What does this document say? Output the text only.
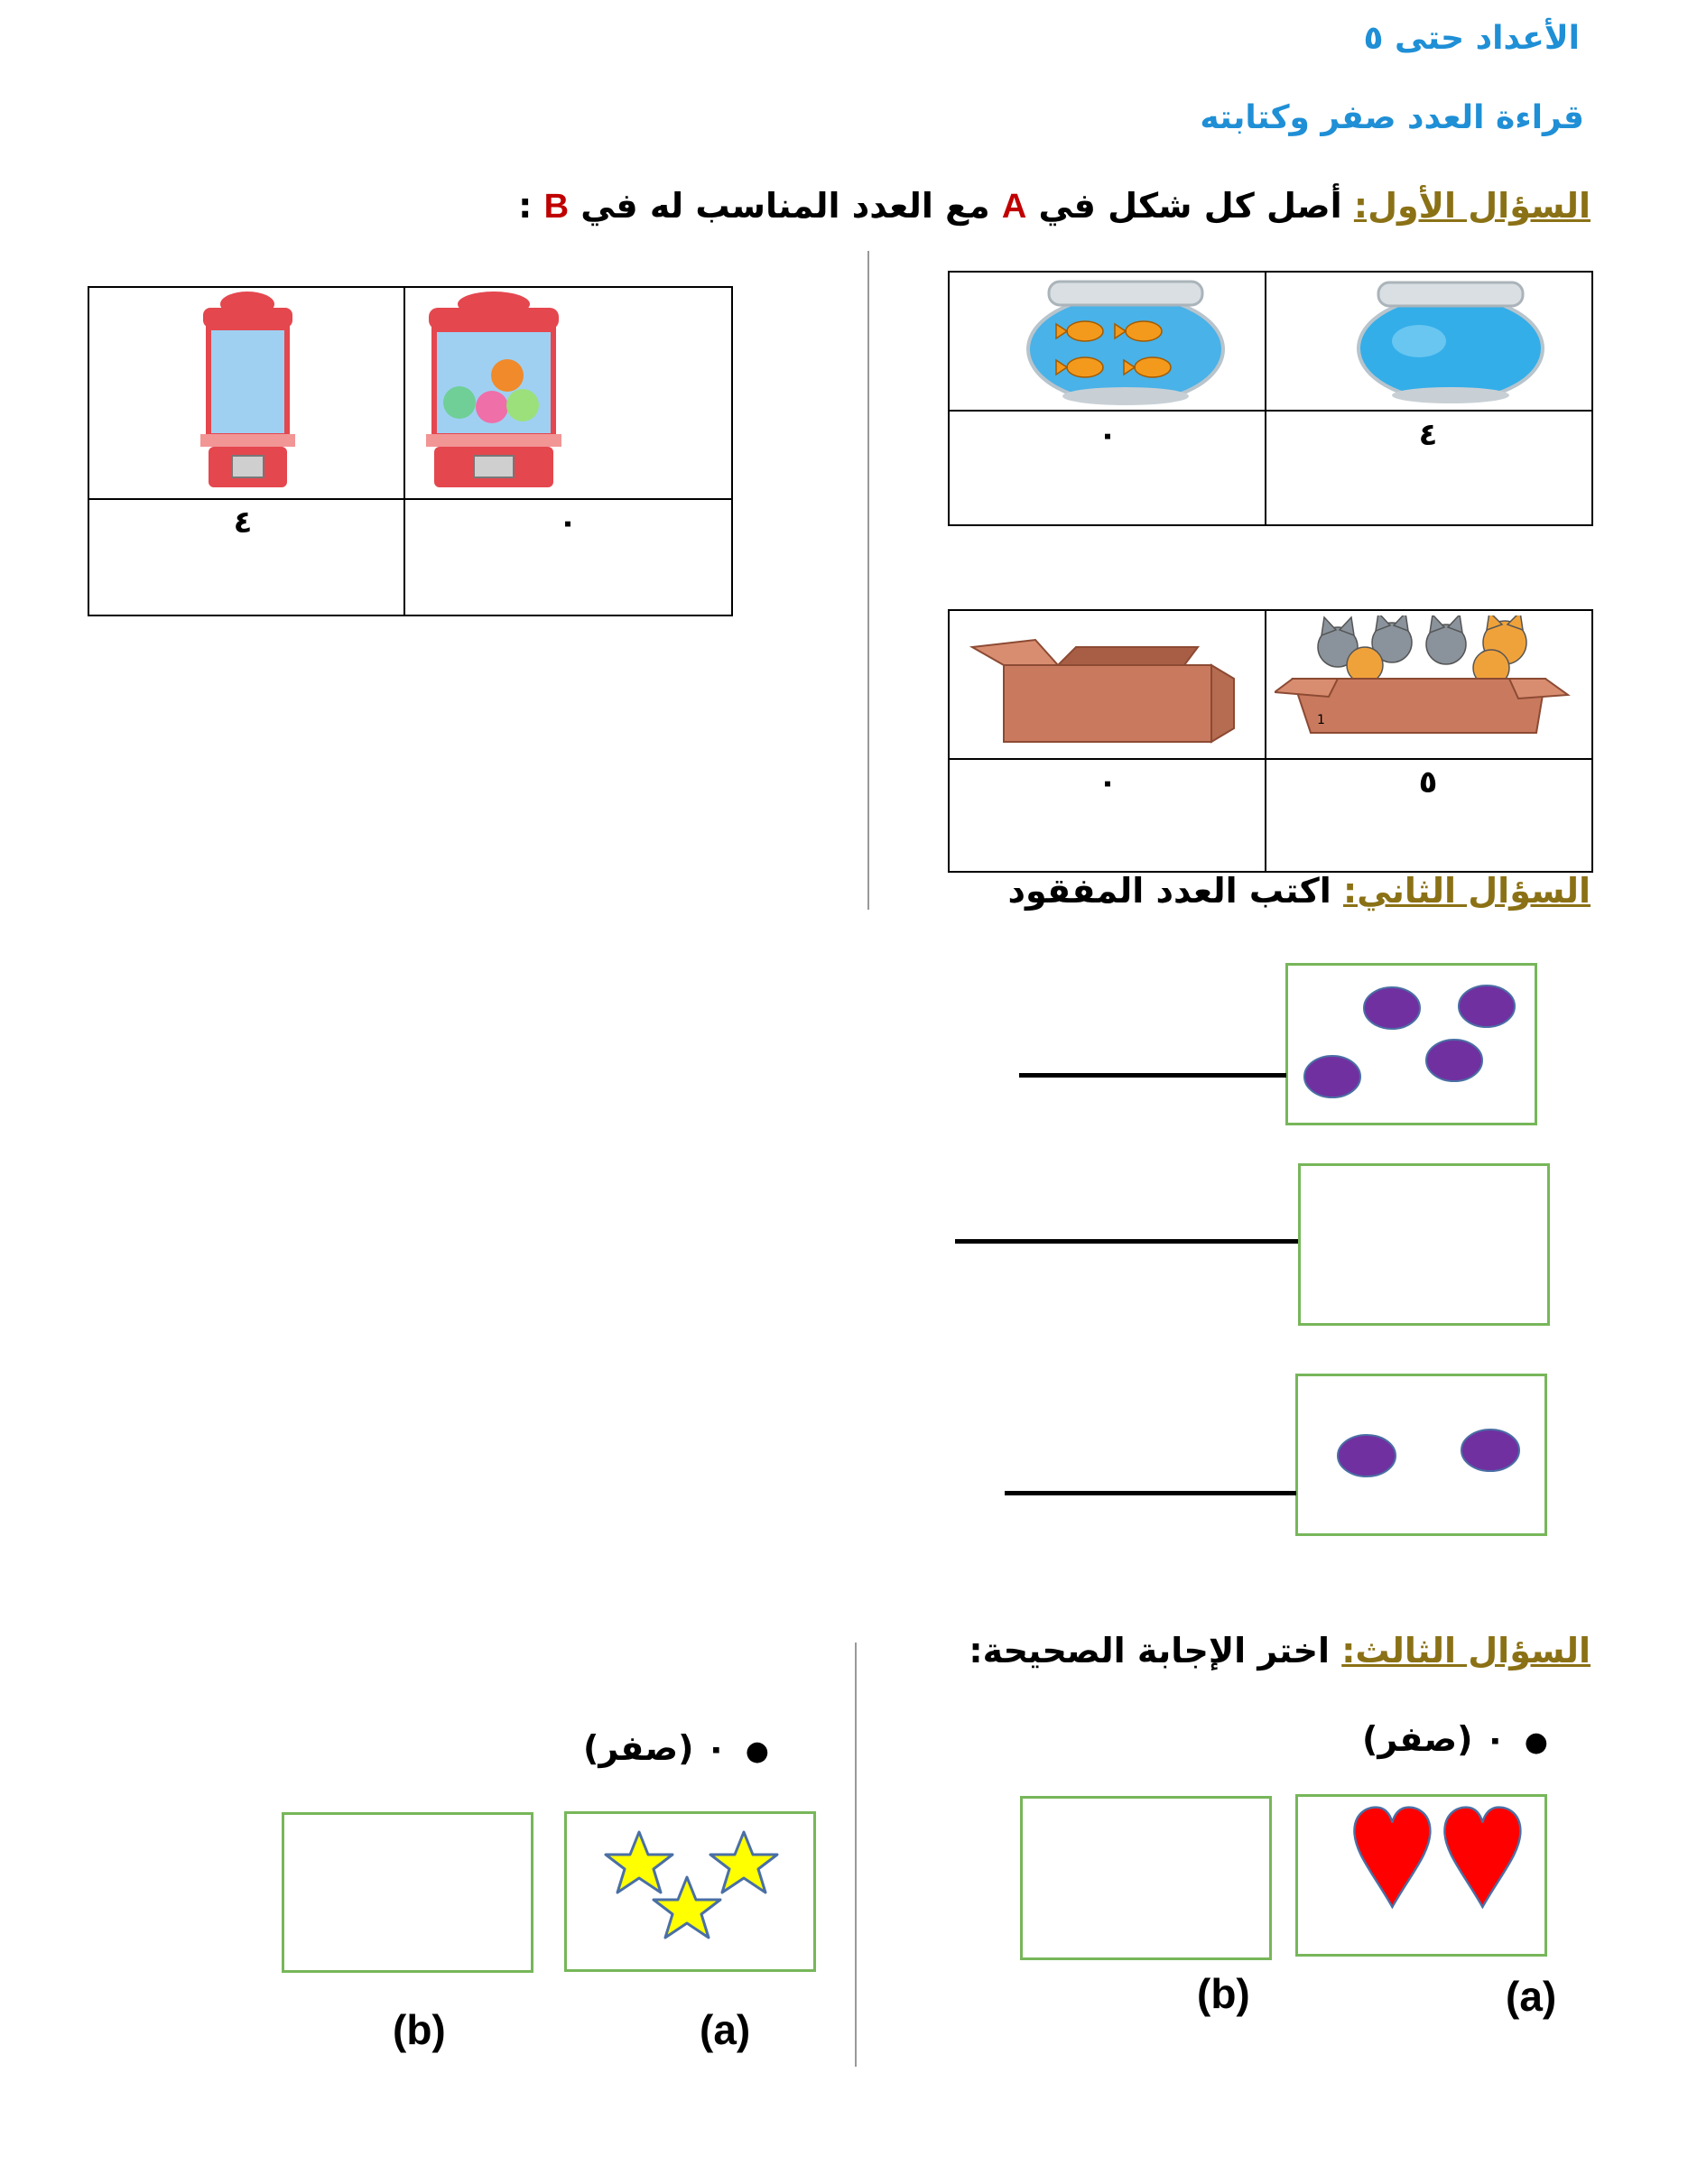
الأعداد حتى ٥
قراءة العدد صفر وكتابته
السؤال الأول: أصل كل شكل في A مع العدد المناسب له في B :
٠	٤
1
٠	٥
٤	٠
السؤال الثاني: اكتب العدد المفقود
السؤال الثالث: اختر الإجابة الصحيحة:
●  ٠ (صفر)
(a)
(b)
●  ٠ (صفر)
(a)
(b)
